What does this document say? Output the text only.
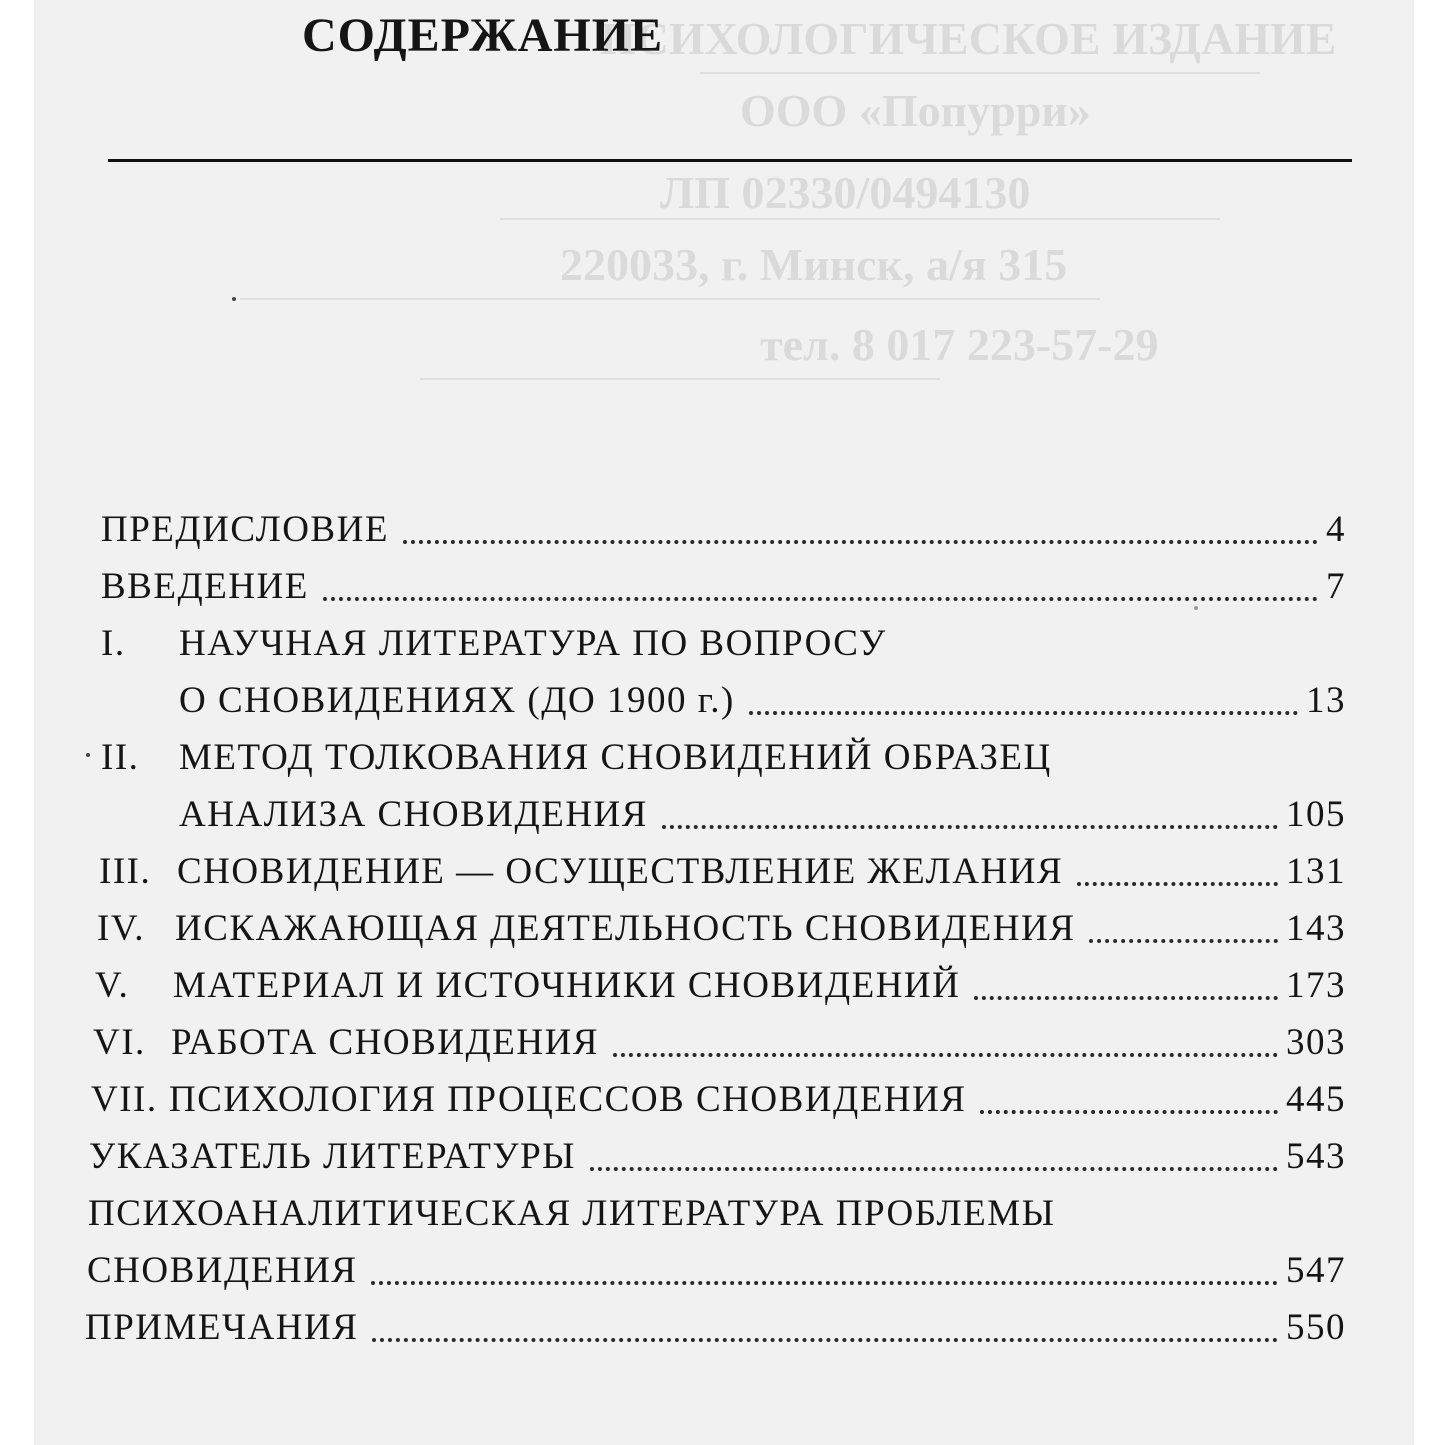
ПСИХОЛОГИЧЕСКОЕ ИЗДАНИЕ
ООО «Попурри»
ЛП 02330/0494130
220033, г. Минск, а/я 315
тел. 8 017 223-57-29
СОДЕРЖАНИЕ
ПРЕДИСЛОВИЕ	4
ВВЕДЕНИЕ	7
I.	НАУЧНАЯ ЛИТЕРАТУРА ПО ВОПРОСУ
О СНОВИДЕНИЯХ (ДО 1900 г.)	13
II.	МЕТОД ТОЛКОВАНИЯ СНОВИДЕНИЙ ОБРАЗЕЦ
АНАЛИЗА СНОВИДЕНИЯ	105
III. СНОВИДЕНИЕ — ОСУЩЕСТВЛЕНИЕ ЖЕЛАНИЯ	131
IV. ИСКАЖАЮЩАЯ ДЕЯТЕЛЬНОСТЬ СНОВИДЕНИЯ	143
V.	МАТЕРИАЛ И ИСТОЧНИКИ СНОВИДЕНИЙ	173
VI. РАБОТА СНОВИДЕНИЯ	303
VII. ПСИХОЛОГИЯ ПРОЦЕССОВ СНОВИДЕНИЯ	445
УКАЗАТЕЛЬ ЛИТЕРАТУРЫ	543
ПСИХОАНАЛИТИЧЕСКАЯ ЛИТЕРАТУРА ПРОБЛЕМЫ
СНОВИДЕНИЯ	547
ПРИМЕЧАНИЯ	550
